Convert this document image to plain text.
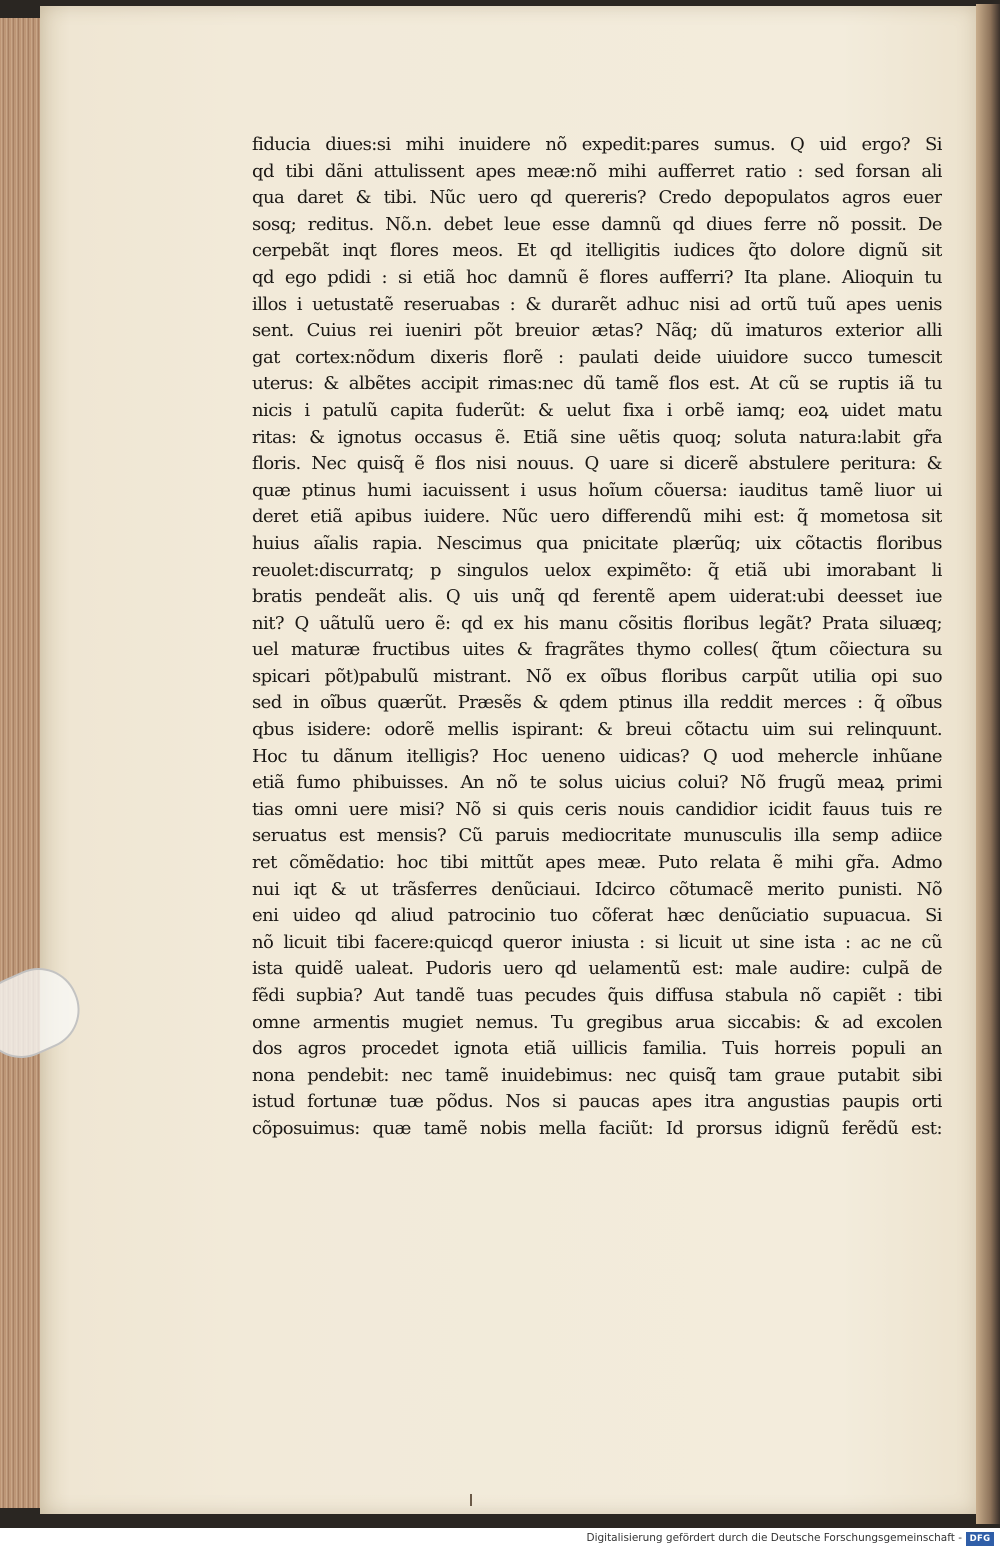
fiducia diues:si mihi inuidere nõ expedit:pares sumus. Q uid ergo? Si
qd tibi dãni attulissent apes meæ:nõ mihi aufferret ratio : sed forsan ali
qua daret & tibi. Nũc uero qd quereris? Credo depopulatos agros euer
sosq; reditus. Nõ.n. debet leue esse damnũ qd diues ferre nõ possit. De
cerpebãt inqt flores meos. Et qd itelligitis iudices q̃to dolore dignũ sit
qd ego pdidi : si etiã hoc damnũ ẽ flores aufferri? Ita plane. Alioquin tu
illos i uetustatẽ reseruabas : & durarẽt adhuc nisi ad ortũ tuũ apes uenis
sent. Cuius rei iueniri põt breuior ætas? Nãq; dũ imaturos exterior alli
gat cortex:nõdum dixeris florẽ : paulati deide uiuidore succo tumescit
uterus: & albẽtes accipit rimas:nec dũ tamẽ flos est. At cũ se ruptis iã tu
nicis i patulũ capita fuderũt: & uelut fixa i orbẽ iamq; eoꝝ uidet matu
ritas: & ignotus occasus ẽ. Etiã sine uẽtis quoq; soluta natura:labit gr̃a
floris. Nec quisq̃ ẽ flos nisi nouus. Q uare si dicerẽ abstulere peritura: &
quæ ptinus humi iacuissent i usus hoĩum cõuersa: iauditus tamẽ liuor ui
deret etiã apibus iuidere. Nũc uero differendũ mihi est: q̃ mometosa sit
huius aĩalis rapia. Nescimus qua pnicitate plærũq; uix cõtactis floribus
reuolet:discurratq; p singulos uelox expimẽto: q̃ etiã ubi imorabant li
bratis pendeãt alis. Q uis unq̃ qd ferentẽ apem uiderat:ubi deesset iue
nit? Q uãtulũ uero ẽ: qd ex his manu cõsitis floribus legãt? Prata siluæq;
uel maturæ fructibus uites & fragrãtes thymo colles( q̃tum cõiectura su
spicari põt)pabulũ mistrant. Nõ ex oĩbus floribus carpũt utilia opi suo
sed in oĩbus quærũt. Præsẽs & qdem ptinus illa reddit merces : q̃ oĩbus
qbus isidere: odorẽ mellis ispirant: & breui cõtactu uim sui relinquunt.
Hoc tu dãnum itelligis? Hoc ueneno uidicas? Q uod mehercle inhũane
etiã fumo phibuisses. An nõ te solus uicius colui? Nõ frugũ meaꝝ primi
tias omni uere misi? Nõ si quis ceris nouis candidior icidit fauus tuis re
seruatus est mensis? Cũ paruis mediocritate munusculis illa semp adiice
ret cõmẽdatio: hoc tibi mittũt apes meæ. Puto relata ẽ mihi gr̃a. Admo
nui iqt & ut trãsferres denũciaui. Idcirco cõtumacẽ merito punisti. Nõ
eni uideo qd aliud patrocinio tuo cõferat hæc denũciatio supuacua. Si
nõ licuit tibi facere:quicqd queror iniusta : si licuit ut sine ista : ac ne cũ
ista quidẽ ualeat. Pudoris uero qd uelamentũ est: male audire: culpã de
fẽdi supbia? Aut tandẽ tuas pecudes q̃uis diffusa stabula nõ capiẽt : tibi
omne armentis mugiet nemus. Tu gregibus arua siccabis: & ad excolen
dos agros procedet ignota etiã uillicis familia. Tuis horreis populi an
nona pendebit: nec tamẽ inuidebimus: nec quisq̃ tam graue putabit sibi
istud fortunæ tuæ põdus. Nos si paucas apes itra angustias paupis orti
cõposuimus: quæ tamẽ nobis mella faciũt: Id prorsus idignũ ferẽdũ est:
Digitalisierung gefördert durch die Deutsche Forschungsgemeinschaft - DFG
